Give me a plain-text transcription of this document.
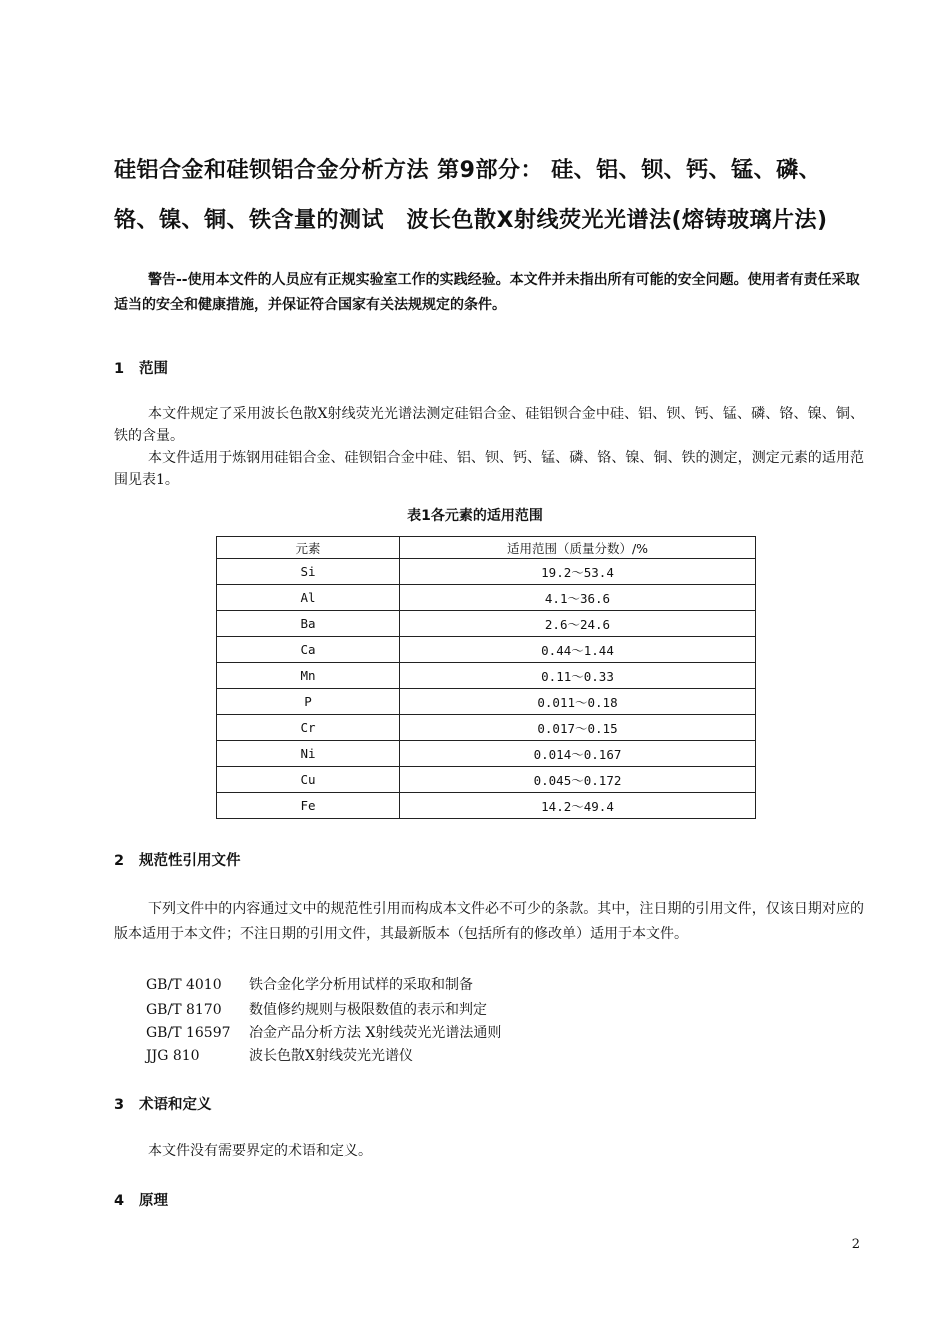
硅铝合金和硅钡铝合金分析方法 第9部分： 硅、铝、钡、钙、锰、磷、
铬、镍、铜、铁含量的测试　波长色散X射线荧光光谱法(熔铸玻璃片法)
警告--使用本文件的人员应有正规实验室工作的实践经验。本文件并未指出所有可能的安全问题。使用者有责任采取适当的安全和健康措施，并保证符合国家有关法规规定的条件。
1 范围
本文件规定了采用波长色散X射线荧光光谱法测定硅铝合金、硅铝钡合金中硅、铝、钡、钙、锰、磷、铬、镍、铜、铁的含量。
本文件适用于炼钢用硅铝合金、硅钡铝合金中硅、铝、钡、钙、锰、磷、铬、镍、铜、铁的测定，测定元素的适用范围见表1。
表1各元素的适用范围
元素	适用范围（质量分数）/%
Si	19.2～53.4
Al	4.1～36.6
Ba	2.6～24.6
Ca	0.44～1.44
Mn	0.11～0.33
P	0.011～0.18
Cr	0.017～0.15
Ni	0.014～0.167
Cu	0.045～0.172
Fe	14.2～49.4
2 规范性引用文件
下列文件中的内容通过文中的规范性引用而构成本文件必不可少的条款。其中，注日期的引用文件，仅该日期对应的版本适用于本文件；不注日期的引用文件，其最新版本（包括所有的修改单）适用于本文件。
GB/T 4010 铁合金化学分析用试样的采取和制备
GB/T 8170 数值修约规则与极限数值的表示和判定
GB/T 16597 冶金产品分析方法 X射线荧光光谱法通则
JJG 810	波长色散X射线荧光光谱仪
3 术语和定义
本文件没有需要界定的术语和定义。
4 原理
2
